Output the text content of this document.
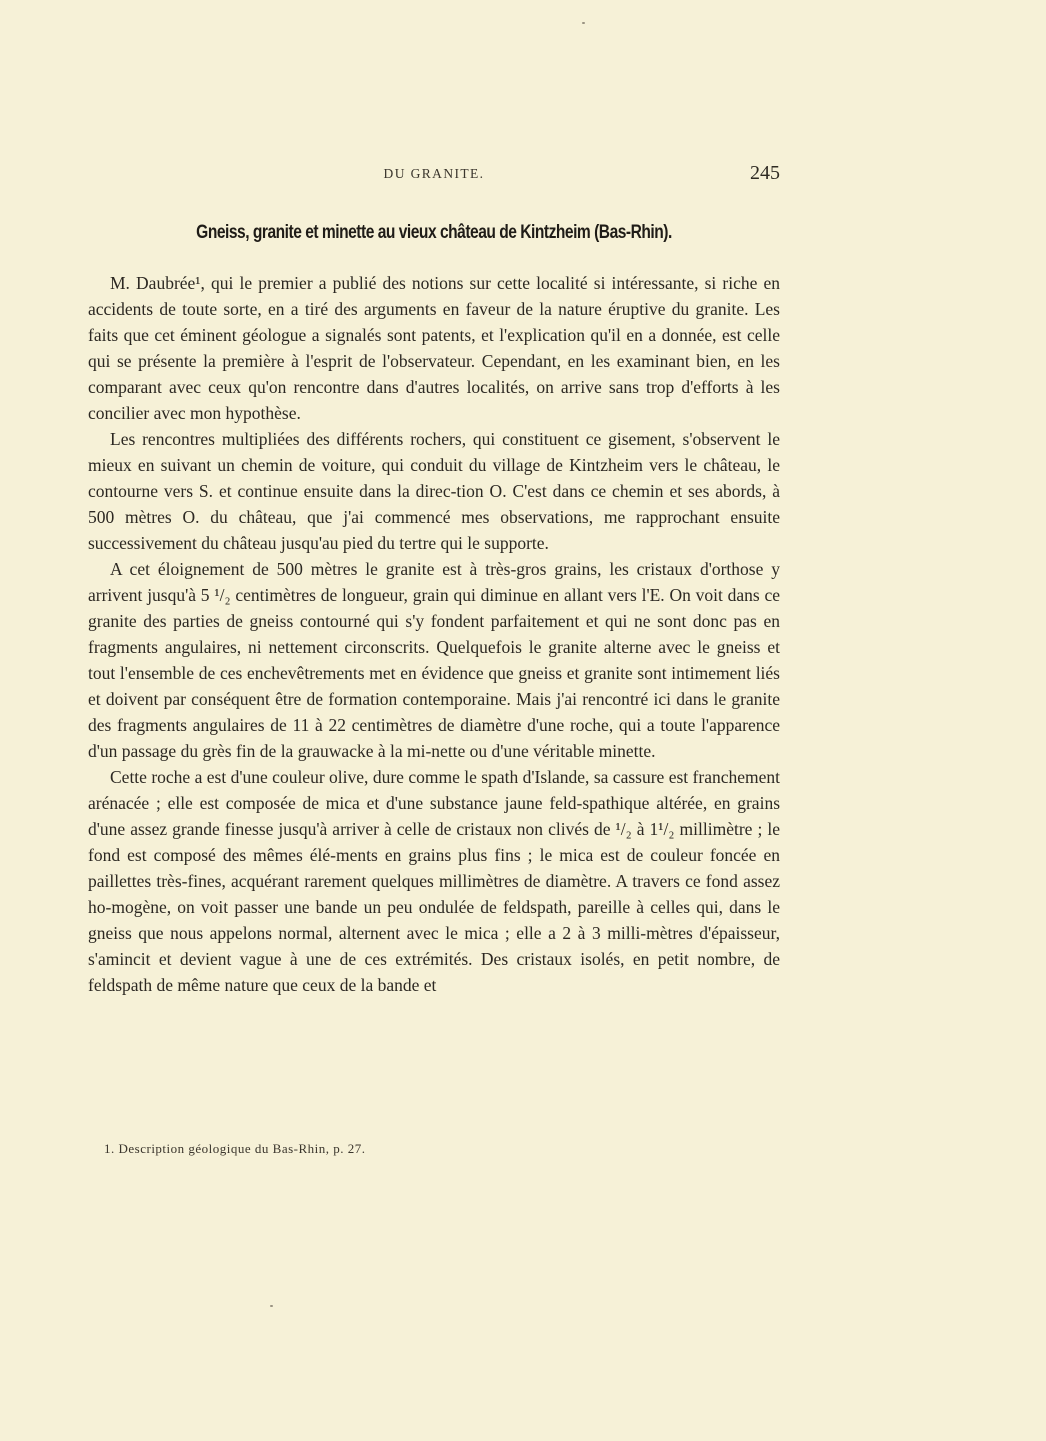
DU GRANITE.	245
Gneiss, granite et minette au vieux château de Kintzheim (Bas-Rhin).

M. Daubrée¹, qui le premier a publié des notions sur cette localité si intéressante, si riche en accidents de toute sorte, en a tiré des arguments en faveur de la nature éruptive du granite. Les faits que cet éminent géologue a signalés sont patents, et l'explication qu'il en a donnée, est celle qui se présente la première à l'esprit de l'observateur. Cependant, en les examinant bien, en les comparant avec ceux qu'on rencontre dans d'autres localités, on arrive sans trop d'efforts à les concilier avec mon hypothèse.

Les rencontres multipliées des différents rochers, qui constituent ce gisement, s'observent le mieux en suivant un chemin de voiture, qui conduit du village de Kintzheim vers le château, le contourne vers S. et continue ensuite dans la direc-tion O. C'est dans ce chemin et ses abords, à 500 mètres O. du château, que j'ai commencé mes observations, me rapprochant ensuite successivement du château jusqu'au pied du tertre qui le supporte.

A cet éloignement de 500 mètres le granite est à très-gros grains, les cristaux d'orthose y arrivent jusqu'à 5 ¹/₂ centimètres de longueur, grain qui diminue en allant vers l'E. On voit dans ce granite des parties de gneiss contourné qui s'y fondent parfaitement et qui ne sont donc pas en fragments angulaires, ni nettement circonscrits. Quelquefois le granite alterne avec le gneiss et tout l'ensemble de ces enchevêtrements met en évidence que gneiss et granite sont intimement liés et doivent par conséquent être de formation contemporaine. Mais j'ai rencontré ici dans le granite des fragments angulaires de 11 à 22 centimètres de diamètre d'une roche, qui a toute l'apparence d'un passage du grès fin de la grauwacke à la mi-nette ou d'une véritable minette.

Cette roche a est d'une couleur olive, dure comme le spath d'Islande, sa cassure est franchement arénacée ; elle est composée de mica et d'une substance jaune feld-spathique altérée, en grains d'une assez grande finesse jusqu'à arriver à celle de cristaux non clivés de ¹/₂ à 1¹/₂ millimètre ; le fond est composé des mêmes élé-ments en grains plus fins ; le mica est de couleur foncée en paillettes très-fines, acquérant rarement quelques millimètres de diamètre. A travers ce fond assez ho-mogène, on voit passer une bande un peu ondulée de feldspath, pareille à celles qui, dans le gneiss que nous appelons normal, alternent avec le mica ; elle a 2 à 3 milli-mètres d'épaisseur, s'amincit et devient vague à une de ces extrémités. Des cristaux isolés, en petit nombre, de feldspath de même nature que ceux de la bande et

1. Description géologique du Bas-Rhin, p. 27.
